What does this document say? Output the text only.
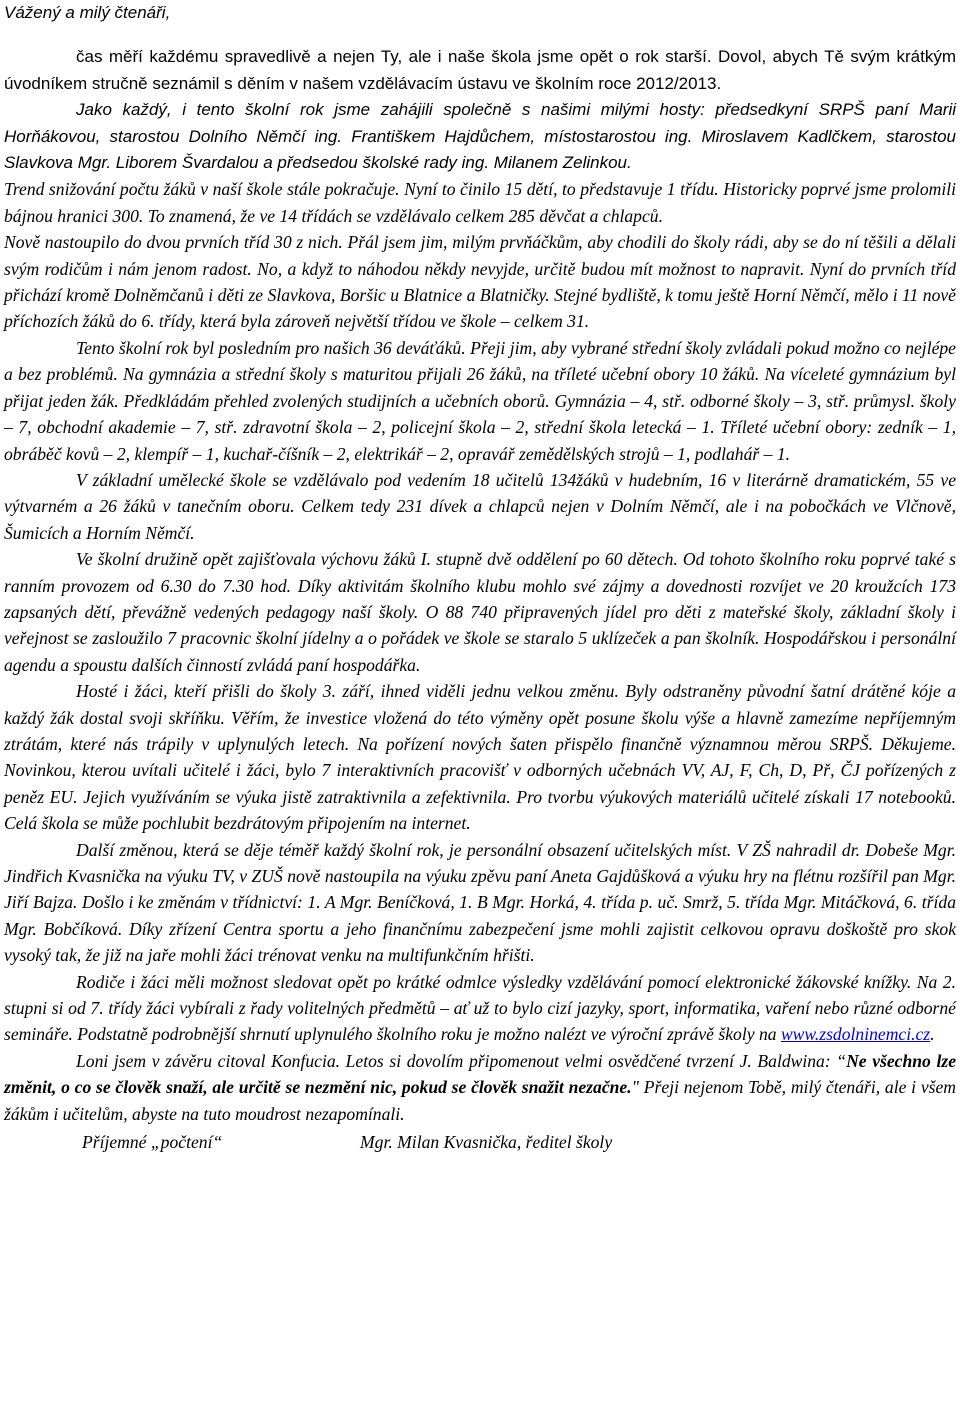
Vážený a milý čtenáři,

čas měří každému spravedlivě a nejen Ty, ale i naše škola jsme opět o rok starší. Dovol, abych Tě svým krátkým úvodníkem stručně seznámil s děním v našem vzdělávacím ústavu ve školním roce 2012/2013.

Jako každý, i tento školní rok jsme zahájili společně s našimi milými hosty: předsedkyní SRPŠ paní Marii Horňákovou, starostou Dolního Němčí ing. Františkem Hajdůchem, místostarostou ing. Miroslavem Kadlčkem, starostou Slavkova Mgr. Liborem Švardalou a předsedou školské rady ing. Milanem Zelinkou.

Trend snižování počtu žáků v naší škole stále pokračuje. Nyní to činilo 15 dětí, to představuje 1 třídu. Historicky poprvé jsme prolomili bájnou hranici 300. To znamená, že ve 14 třídách se vzdělávalo celkem 285 děvčat a chlapců.

Nově nastoupilo do dvou prvních tříd 30 z nich. Přál jsem jim, milým prvňáčkům, aby chodili do školy rádi, aby se do ní těšili a dělali svým rodičům i nám jenom radost. No, a když to náhodou někdy nevyjde, určitě budou mít možnost to napravit. Nyní do prvních tříd přichází kromě Dolněmčanů i děti ze Slavkova, Boršic u Blatnice a Blatničky. Stejné bydliště, k tomu ještě Horní Němčí, mělo i 11 nově příchozích žáků do 6. třídy, která byla zároveň největší třídou ve škole – celkem 31.

Tento školní rok byl posledním pro našich 36 deváťáků. Přeji jim, aby vybrané střední školy zvládali pokud možno co nejlépe a bez problémů. Na gymnázia a střední školy s maturitou přijali 26 žáků, na tříleté učební obory 10 žáků. Na víceleté gymnázium byl přijat jeden žák. Předkládám přehled zvolených studijních a učebních oborů. Gymnázia – 4, stř. odborné školy – 3, stř. průmysl. školy – 7, obchodní akademie – 7, stř. zdravotní škola – 2, policejní škola – 2, střední škola letecká – 1. Tříleté učební obory: zedník – 1, obráběč kovů – 2, klempíř – 1, kuchař-číšník – 2, elektrikář – 2, opravář zemědělských strojů – 1, podlahář – 1.

V základní umělecké škole se vzdělávalo pod vedením 18 učitelů 134žáků v hudebním, 16 v literárně dramatickém, 55 ve výtvarném a 26 žáků v tanečním oboru. Celkem tedy 231 dívek a chlapců nejen v Dolním Němčí, ale i na pobočkách ve Vlčnově, Šumicích a Horním Němčí.

Ve školní družině opět zajišťovala výchovu žáků I. stupně dvě oddělení po 60 dětech. Od tohoto školního roku poprvé také s ranním provozem od 6.30 do 7.30 hod. Díky aktivitám školního klubu mohlo své zájmy a dovednosti rozvíjet ve 20 kroužcích 173 zapsaných dětí, převážně vedených pedagogy naší školy. O 88 740 připravených jídel pro děti z mateřské školy, základní školy i veřejnost se zasloužilo 7 pracovnic školní jídelny a o pořádek ve škole se staralo 5 uklízeček a pan školník. Hospodářskou i personální agendu a spoustu dalších činností zvládá paní hospodářka.

Hosté i žáci, kteří přišli do školy 3. září, ihned viděli jednu velkou změnu. Byly odstraněny původní šatní drátěné kóje a každý žák dostal svoji skříňku. Věřím, že investice vložená do této výměny opět posune školu výše a hlavně zamezíme nepříjemným ztrátám, které nás trápily v uplynulých letech. Na pořízení nových šaten přispělo finančně významnou měrou SRPŠ. Děkujeme. Novinkou, kterou uvítali učitelé i žáci, bylo 7 interaktivních pracovišť v odborných učebnách VV, AJ, F, Ch, D, Př, ČJ pořízených z peněz EU. Jejich využíváním se výuka jistě zatraktivnila a zefektivnila. Pro tvorbu výukových materiálů učitelé získali 17 notebooků. Celá škola se může pochlubit bezdrátovým připojením na internet.

Další změnou, která se děje téměř každý školní rok, je personální obsazení učitelských míst. V ZŠ nahradil dr. Dobeše Mgr. Jindřich Kvasnička na výuku TV, v ZUŠ nově nastoupila na výuku zpěvu paní Aneta Gajdůšková a výuku hry na flétnu rozšířil pan Mgr. Jiří Bajza. Došlo i ke změnám v třídnictví: 1. A Mgr. Beníčková, 1. B Mgr. Horká, 4. třída p. uč. Smrž, 5. třída Mgr. Mitáčková, 6. třída Mgr. Bobčíková. Díky zřízení Centra sportu a jeho finančnímu zabezpečení jsme mohli zajistit celkovou opravu doškoště pro skok vysoký tak, že již na jaře mohli žáci trénovat venku na multifunkčním hřišti.

Rodiče i žáci měli možnost sledovat opět po krátké odmlce výsledky vzdělávání pomocí elektronické žákovské knížky. Na 2. stupni si od 7. třídy žáci vybírali z řady volitelných předmětů – ať už to bylo cizí jazyky, sport, informatika, vaření nebo různé odborné semináře. Podstatně podrobnější shrnutí uplynulého školního roku je možno nalézt ve výroční zprávě školy na www.zsdolninemci.cz.

Loni jsem v závěru citoval Konfucia. Letos si dovolím připomenout velmi osvědčené tvrzení J. Baldwina: “Ne všechno lze změnit, o co se člověk snaží, ale určitě se nezmění nic, pokud se člověk snažit nezačne." Přeji nejenom Tobě, milý čtenáři, ale i všem žákům i učitelům, abyste na tuto moudrost nezapomínali.

Příjemné „počtení“	Mgr. Milan Kvasnička, ředitel školy
